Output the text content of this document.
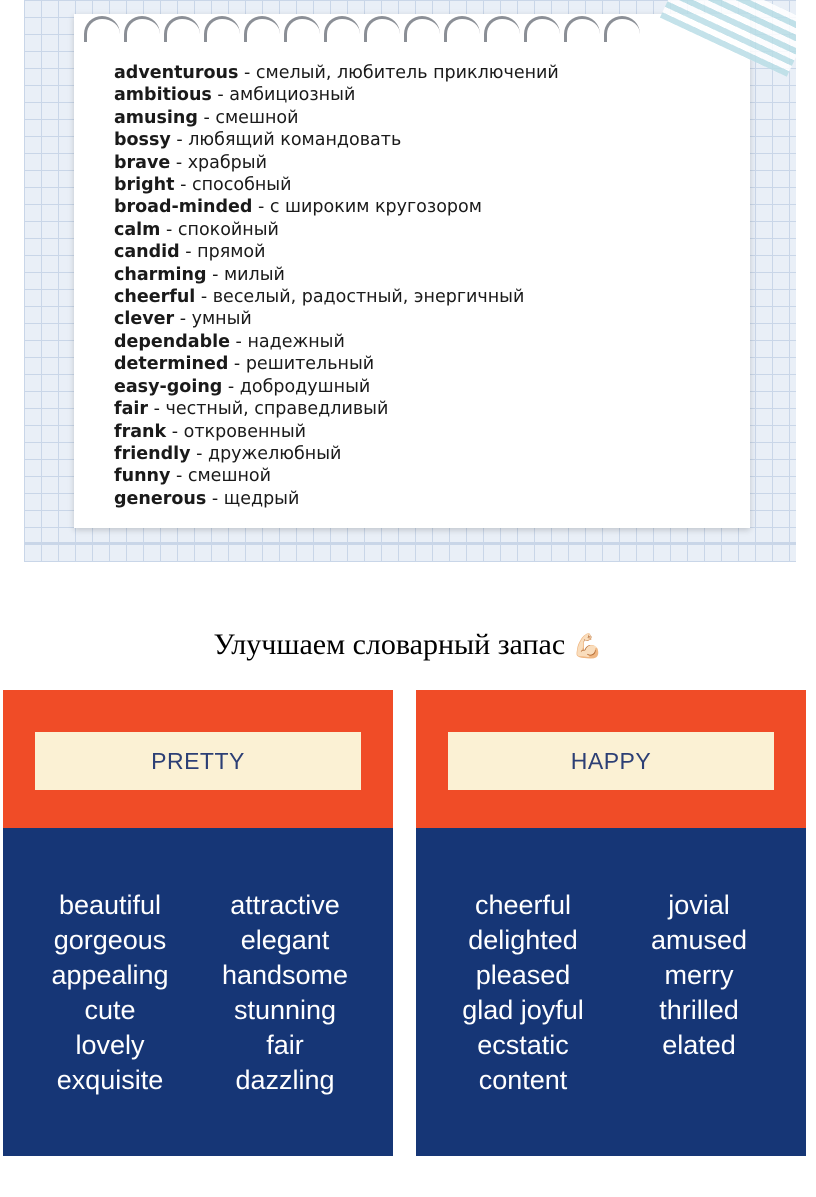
adventurous - смелый, любитель приключений
ambitious - амбициозный
amusing - смешной
bossy - любящий командовать
brave - храбрый
bright - способный
broad-minded - с широким кругозором
calm - спокойный
candid - прямой
charming - милый
cheerful - веселый, радостный, энергичный
clever - умный
dependable - надежный
determined - решительный
easy-going - добродушный
fair - честный, справедливый
frank - откровенный
friendly - дружелюбный
funny - смешной
generous - щедрый
Улучшаем словарный запас 💪🏻
PRETTY
beautiful
gorgeous
appealing
cute
lovely
exquisite
attractive
elegant
handsome
stunning
fair
dazzling
HAPPY
cheerful
delighted
pleased
glad joyful
ecstatic
content
jovial
amused
merry
thrilled
elated
